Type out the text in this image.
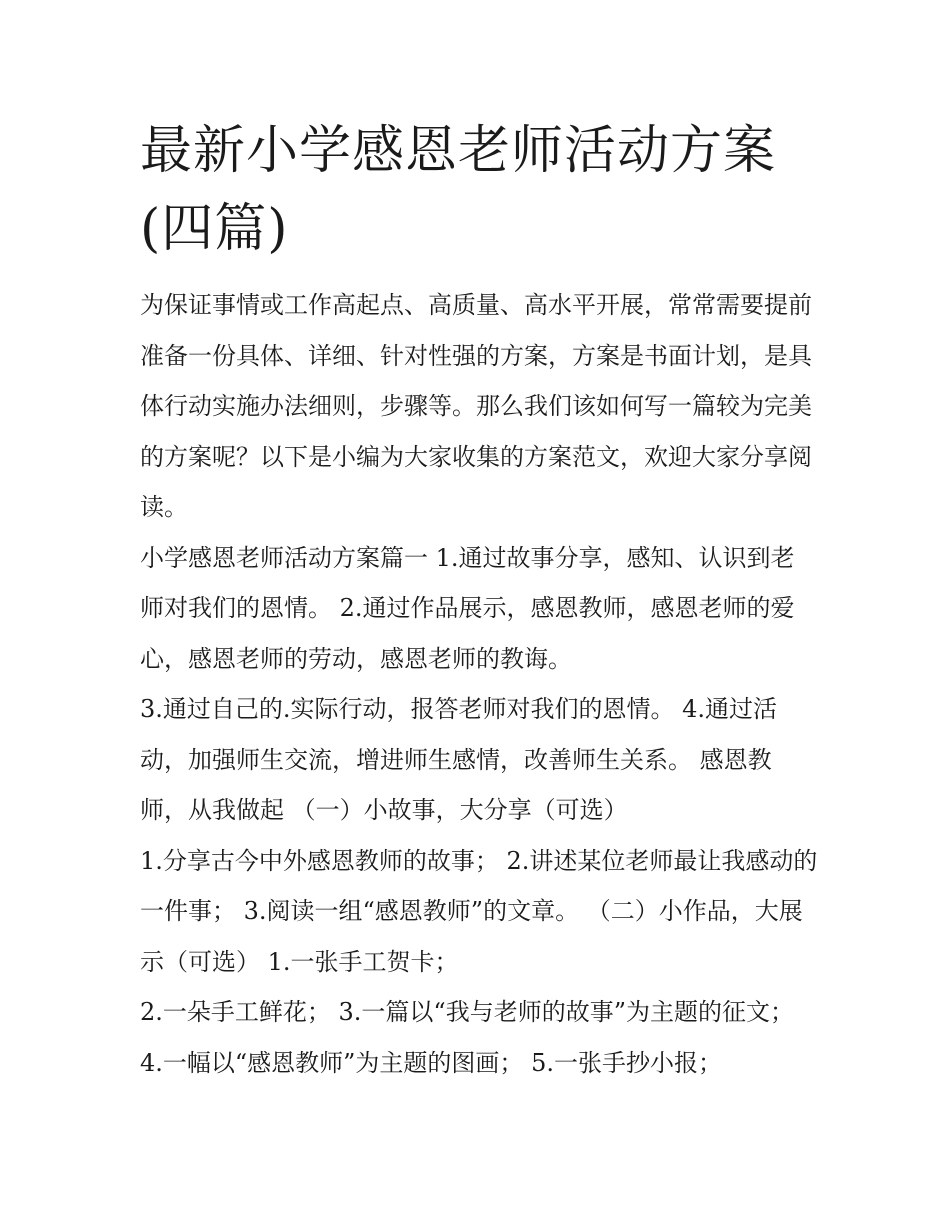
最新小学感恩老师活动方案(四篇)

为保证事情或工作高起点、高质量、高水平开展，常常需要提前准备一份具体、详细、针对性强的方案，方案是书面计划，是具体行动实施办法细则，步骤等。那么我们该如何写一篇较为完美的方案呢？以下是小编为大家收集的方案范文，欢迎大家分享阅读。

小学感恩老师活动方案篇一 1.通过故事分享，感知、认识到老师对我们的恩情。 2.通过作品展示，感恩教师，感恩老师的爱心，感恩老师的劳动，感恩老师的教诲。

3.通过自己的.实际行动，报答老师对我们的恩情。 4.通过活动，加强师生交流，增进师生感情，改善师生关系。 感恩教师，从我做起 （一）小故事，大分享（可选）

1.分享古今中外感恩教师的故事； 2.讲述某位老师最让我感动的一件事； 3.阅读一组“感恩教师”的文章。 （二）小作品，大展示（可选） 1.一张手工贺卡；

2.一朵手工鲜花； 3.一篇以“我与老师的故事”为主题的征文；

4.一幅以“感恩教师”为主题的图画； 5.一张手抄小报；
